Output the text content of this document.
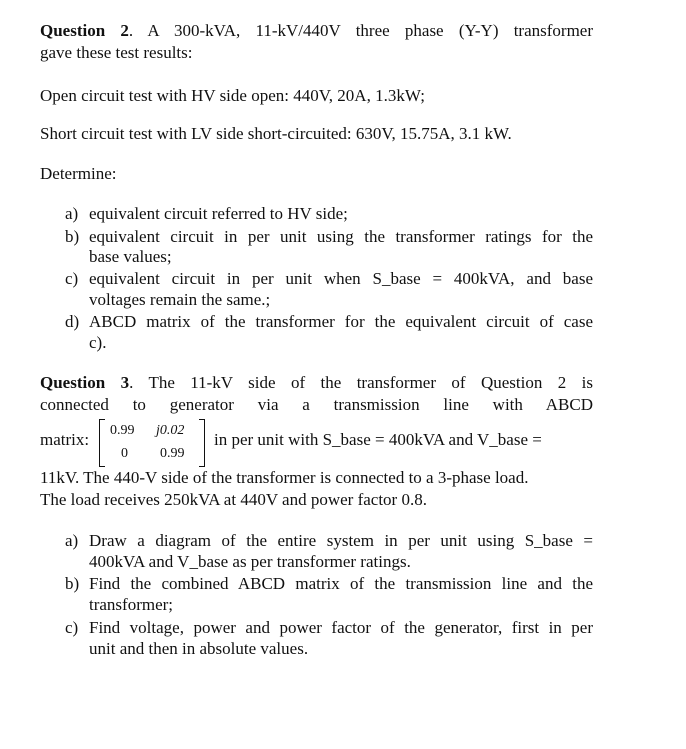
Question 2. A 300-kVA, 11-kV/440V three phase (Y-Y) transformer
gave these test results:
Open circuit test with HV side open: 440V, 20A, 1.3kW;
Short circuit test with LV side short-circuited: 630V, 15.75A, 3.1 kW.
Determine:
a) equivalent circuit referred to HV side;
b) equivalent circuit in per unit using the transformer ratings for the
base values;
c) equivalent circuit in per unit when S_base = 400kVA, and base
voltages remain the same.;
d) ABCD matrix of the transformer for the equivalent circuit of case
c).
Question 3. The 11-kV side of the transformer of Question 2 is
connected to generator via a transmission line with ABCD
matrix: 0.99 j0.02
0 0.99
in per unit with S_base = 400kVA and V_base =
11kV. The 440-V side of the transformer is connected to a 3-phase load.
The load receives 250kVA at 440V and power factor 0.8.
a) Draw a diagram of the entire system in per unit using S_base =
400kVA and V_base as per transformer ratings.
b) Find the combined ABCD matrix of the transmission line and the
transformer;
c) Find voltage, power and power factor of the generator, first in per
unit and then in absolute values.
